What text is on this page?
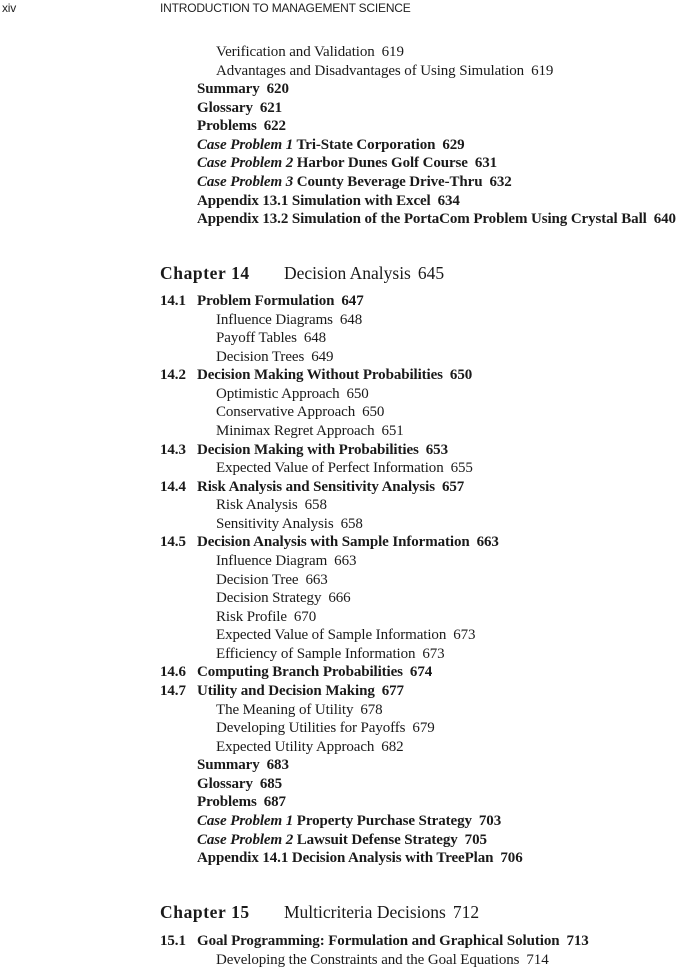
xiv	INTRODUCTION TO MANAGEMENT SCIENCE
Verification and Validation 619
Advantages and Disadvantages of Using Simulation 619
Summary 620
Glossary 621
Problems 622
Case Problem 1 Tri-State Corporation 629
Case Problem 2 Harbor Dunes Golf Course 631
Case Problem 3 County Beverage Drive-Thru 632
Appendix 13.1 Simulation with Excel 634
Appendix 13.2 Simulation of the PortaCom Problem Using Crystal Ball 640
Chapter 14 Decision Analysis 645
14.1 Problem Formulation 647
Influence Diagrams 648
Payoff Tables 648
Decision Trees 649
14.2 Decision Making Without Probabilities 650
Optimistic Approach 650
Conservative Approach 650
Minimax Regret Approach 651
14.3 Decision Making with Probabilities 653
Expected Value of Perfect Information 655
14.4 Risk Analysis and Sensitivity Analysis 657
Risk Analysis 658
Sensitivity Analysis 658
14.5 Decision Analysis with Sample Information 663
Influence Diagram 663
Decision Tree 663
Decision Strategy 666
Risk Profile 670
Expected Value of Sample Information 673
Efficiency of Sample Information 673
14.6 Computing Branch Probabilities 674
14.7 Utility and Decision Making 677
The Meaning of Utility 678
Developing Utilities for Payoffs 679
Expected Utility Approach 682
Summary 683
Glossary 685
Problems 687
Case Problem 1 Property Purchase Strategy 703
Case Problem 2 Lawsuit Defense Strategy 705
Appendix 14.1 Decision Analysis with TreePlan 706
Chapter 15 Multicriteria Decisions 712
15.1 Goal Programming: Formulation and Graphical Solution 713
Developing the Constraints and the Goal Equations 714
